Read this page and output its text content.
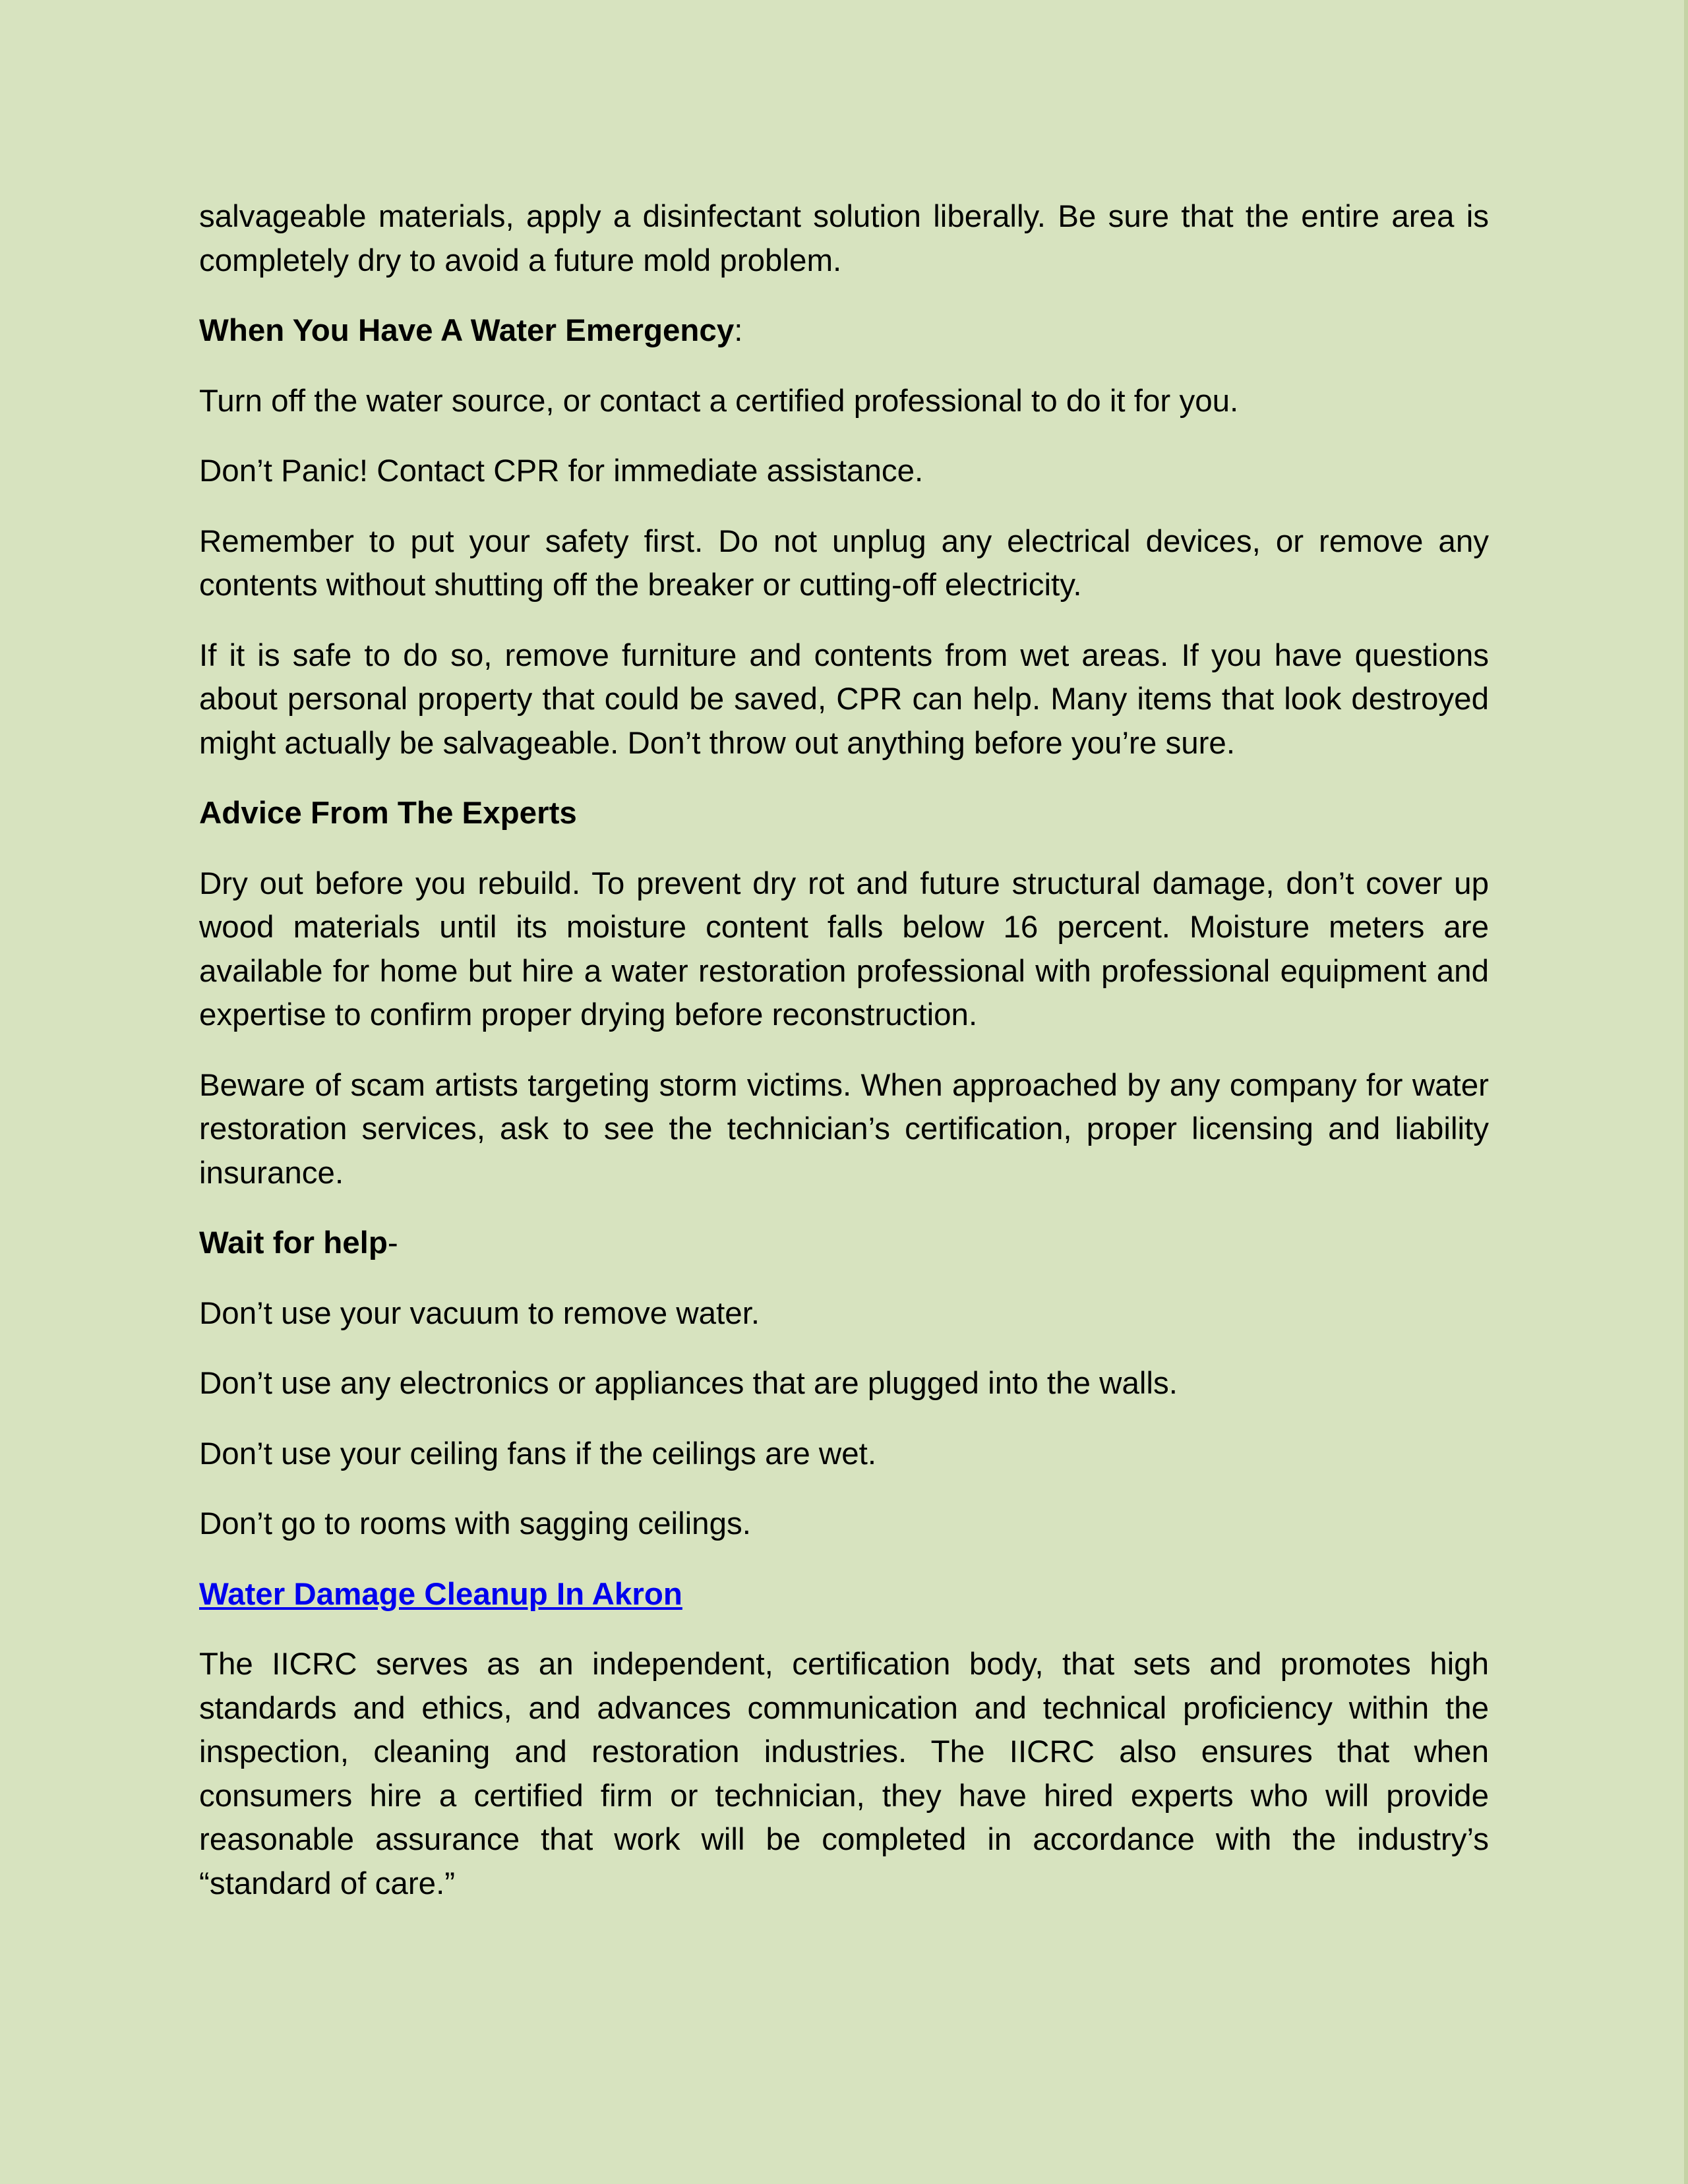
salvageable materials, apply a disinfectant solution liberally. Be sure that the entire area is completely dry to avoid a future mold problem.

When You Have A Water Emergency:

Turn off the water source, or contact a certified professional to do it for you.

Don’t Panic! Contact CPR for immediate assistance.

Remember to put your safety first. Do not unplug any electrical devices, or remove any contents without shutting off the breaker or cutting-off electricity.

If it is safe to do so, remove furniture and contents from wet areas. If you have questions about personal property that could be saved, CPR can help. Many items that look destroyed might actually be salvageable. Don’t throw out anything before you’re sure.

Advice From The Experts

Dry out before you rebuild. To prevent dry rot and future structural damage, don’t cover up wood materials until its moisture content falls below 16 percent. Moisture meters are available for home but hire a water restoration professional with professional equipment and expertise to confirm proper drying before reconstruction.

Beware of scam artists targeting storm victims. When approached by any company for water restoration services, ask to see the technician’s certification, proper licensing and liability insurance.

Wait for help-

Don’t use your vacuum to remove water.

Don’t use any electronics or appliances that are plugged into the walls.

Don’t use your ceiling fans if the ceilings are wet.

Don’t go to rooms with sagging ceilings.

Water Damage Cleanup In Akron

The IICRC serves as an independent, certification body, that sets and promotes high standards and ethics, and advances communication and technical proficiency within the inspection, cleaning and restoration industries. The IICRC also ensures that when consumers hire a certified firm or technician, they have hired experts who will provide reasonable assurance that work will be completed in accordance with the industry’s “standard of care.”
